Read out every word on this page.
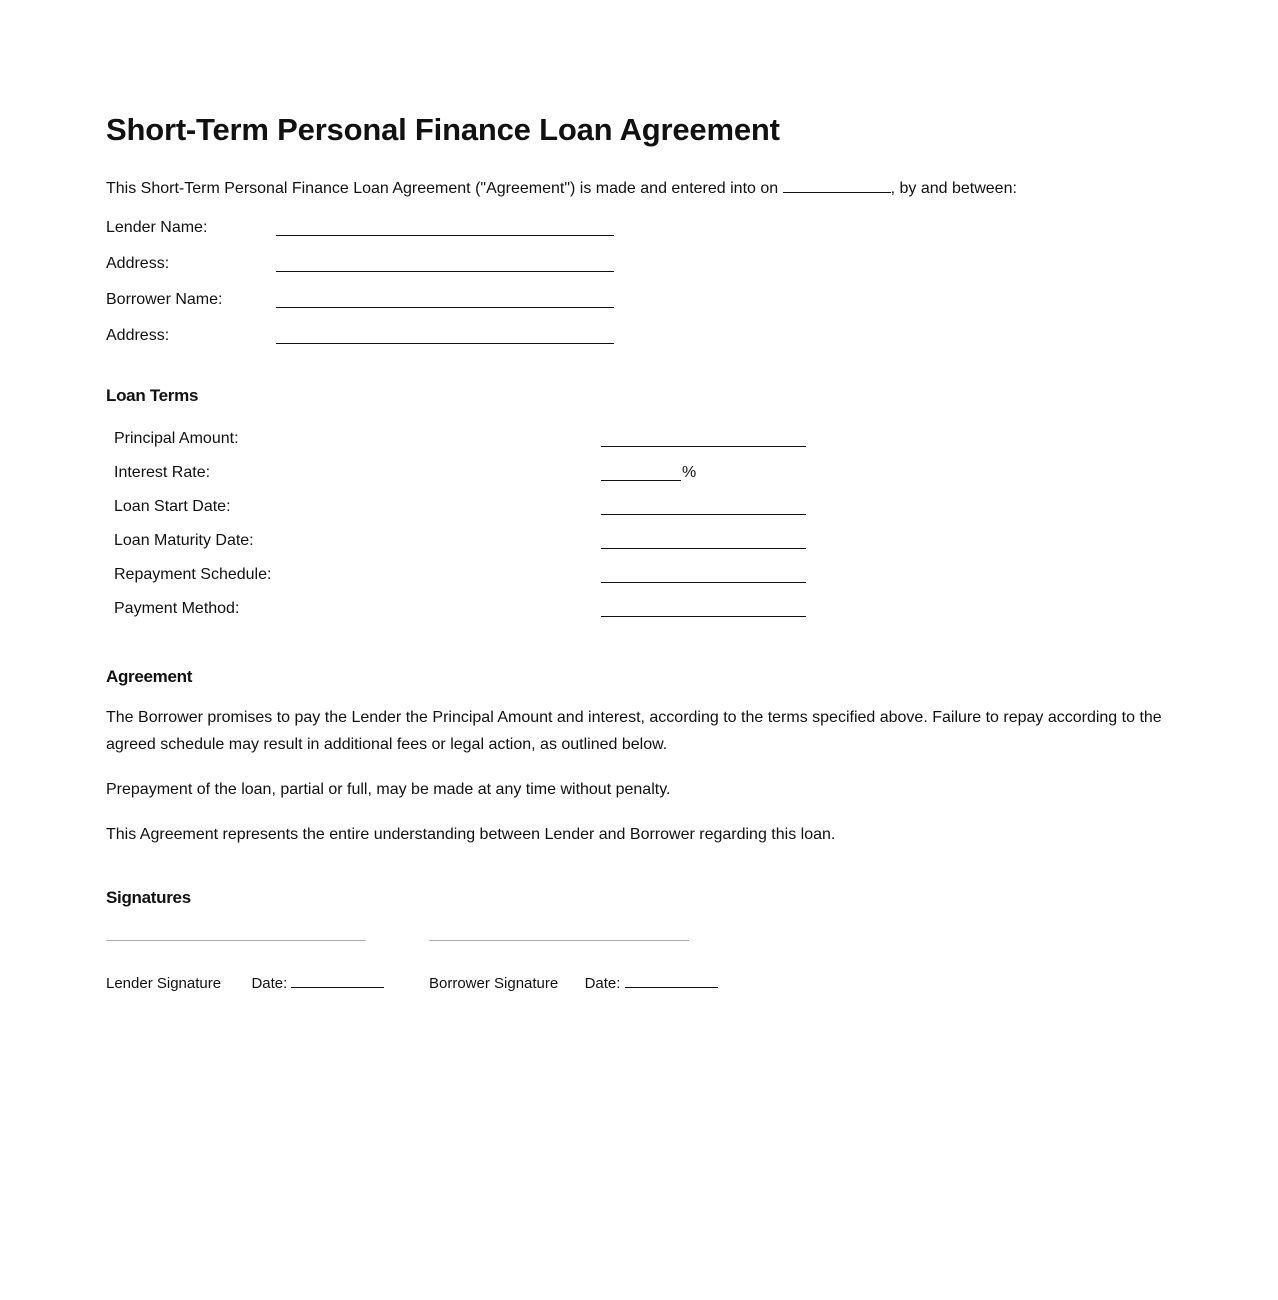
Short-Term Personal Finance Loan Agreement
This Short-Term Personal Finance Loan Agreement ("Agreement") is made and entered into on	, by and between:
Lender Name:
Address:
Borrower Name:
Address:
Loan Terms
Principal Amount:
Interest Rate:	%
Loan Start Date:
Loan Maturity Date:
Repayment Schedule:
Payment Method:
Agreement

The Borrower promises to pay the Lender the Principal Amount and interest, according to the terms specified above. Failure to repay according to the agreed schedule may result in additional fees or legal action, as outlined below.

Prepayment of the loan, partial or full, may be made at any time without penalty.

This Agreement represents the entire understanding between Lender and Borrower regarding this loan.

Signatures
Lender Signature Date:	Borrower Signature Date:
